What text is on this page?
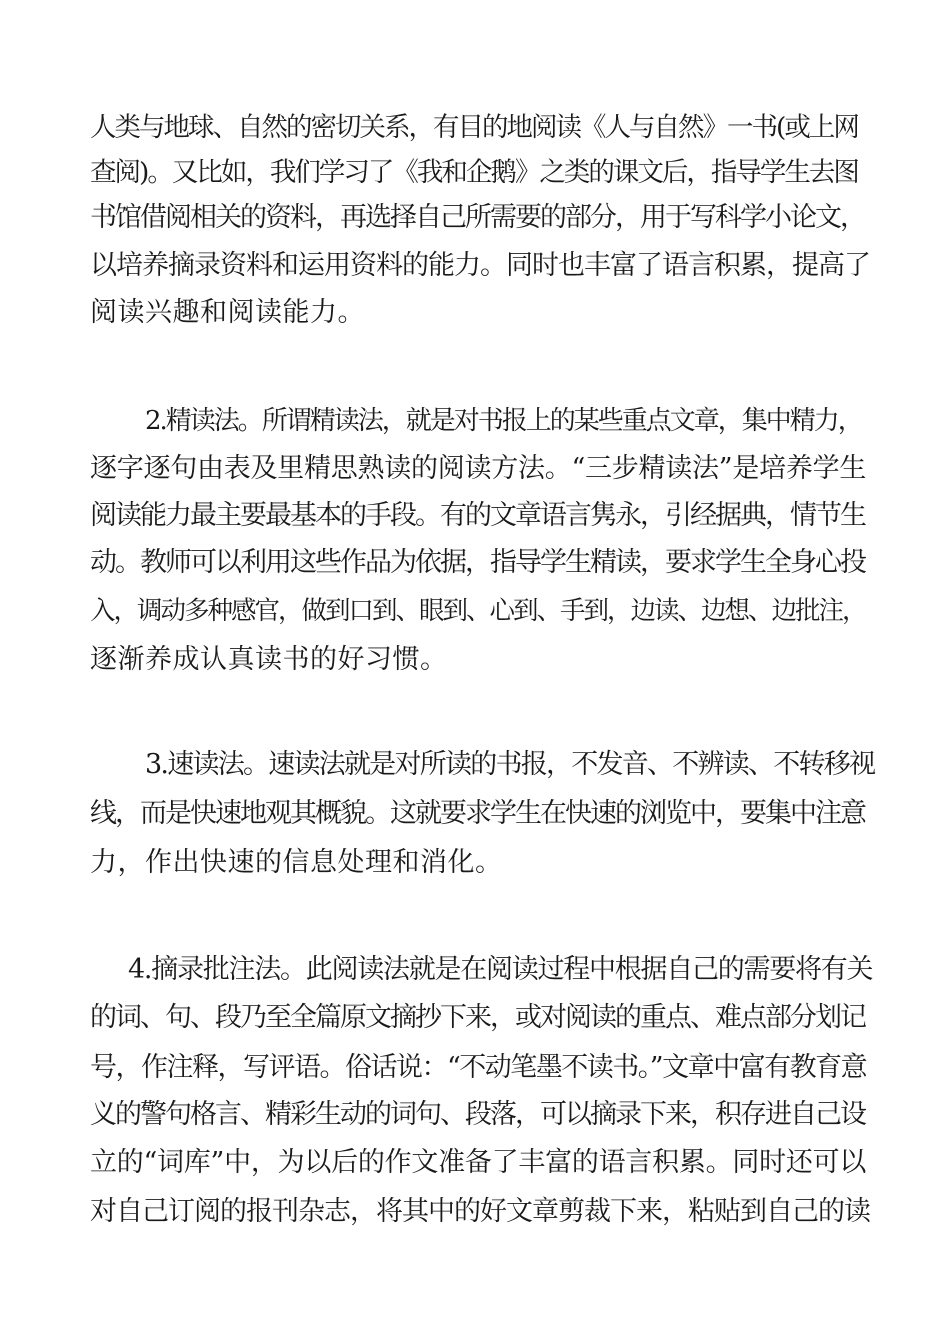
人类与地球、自然的密切关系，有目的地阅读《人与自然》一书(或上网
查阅)。又比如，我们学习了《我和企鹅》之类的课文后，指导学生去图
书馆借阅相关的资料，再选择自己所需要的部分，用于写科学小论文，
以培养摘录资料和运用资料的能力。同时也丰富了语言积累，提高了
阅读兴趣和阅读能力。
2.精读法。所谓精读法，就是对书报上的某些重点文章，集中精力，
逐字逐句由表及里精思熟读的阅读方法。“三步精读法”是培养学生
阅读能力最主要最基本的手段。有的文章语言隽永，引经据典，情节生
动。教师可以利用这些作品为依据，指导学生精读，要求学生全身心投
入，调动多种感官，做到口到、眼到、心到、手到，边读、边想、边批注，
逐渐养成认真读书的好习惯。
3.速读法。速读法就是对所读的书报，不发音、不辨读、不转移视
线，而是快速地观其概貌。这就要求学生在快速的浏览中，要集中注意
力，作出快速的信息处理和消化。
4.摘录批注法。此阅读法就是在阅读过程中根据自己的需要将有关
的词、句、段乃至全篇原文摘抄下来，或对阅读的重点、难点部分划记
号，作注释，写评语。俗话说：“不动笔墨不读书。”文章中富有教育意
义的警句格言、精彩生动的词句、段落，可以摘录下来，积存进自己设
立的“词库”中，为以后的作文准备了丰富的语言积累。同时还可以
对自己订阅的报刊杂志，将其中的好文章剪裁下来，粘贴到自己的读
